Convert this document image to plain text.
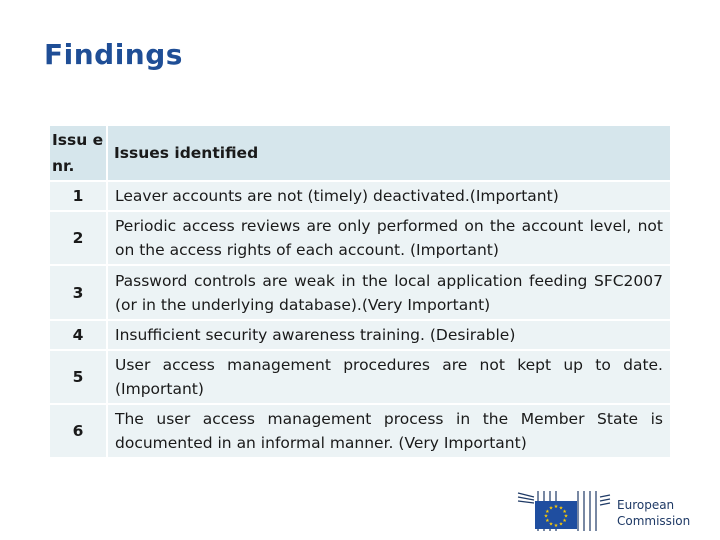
Findings
Issu e nr.	Issues identified
1	Leaver accounts are not (timely) deactivated.(Important)
2	Periodic access reviews are only performed on the account level, not on the access rights of each account. (Important)
3	Password controls are weak in the local application feeding SFC2007 (or in the underlying database).(Very Important)
4	Insufficient security awareness training. (Desirable)
5	User access management procedures are not kept up to date. (Important)
6	The user access management process in the Member State is documented in an informal manner. (Very Important)
★ ★
★
★
★
★
★
★
★
★
★
★	European
Commission
